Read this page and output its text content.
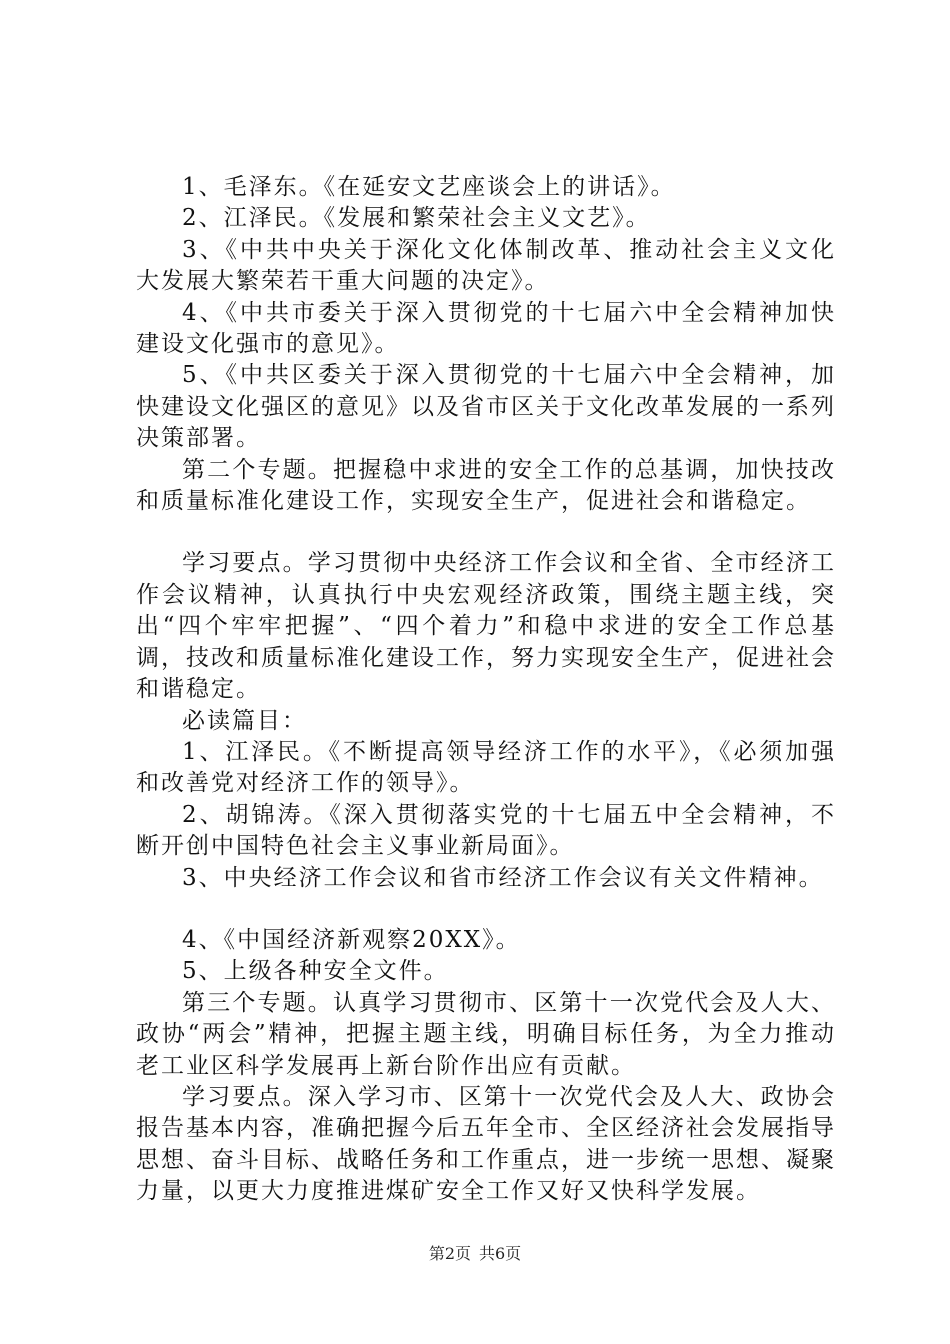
1、毛泽东。《在延安文艺座谈会上的讲话》。

2、江泽民。《发展和繁荣社会主义文艺》。

3、《中共中央关于深化文化体制改革、推动社会主义文化大发展大繁荣若干重大问题的决定》。

4、《中共市委关于深入贯彻党的十七届六中全会精神加快建设文化强市的意见》。

5、《中共区委关于深入贯彻党的十七届六中全会精神，加快建设文化强区的意见》以及省市区关于文化改革发展的一系列决策部署。

第二个专题。把握稳中求进的安全工作的总基调，加快技改和质量标准化建设工作，实现安全生产，促进社会和谐稳定。

学习要点。学习贯彻中央经济工作会议和全省、全市经济工作会议精神，认真执行中央宏观经济政策，围绕主题主线，突出“四个牢牢把握”、“四个着力”和稳中求进的安全工作总基调，技改和质量标准化建设工作，努力实现安全生产，促进社会和谐稳定。

必读篇目：

1、江泽民。《不断提高领导经济工作的水平》，《必须加强和改善党对经济工作的领导》。

2、胡锦涛。《深入贯彻落实党的十七届五中全会精神，不断开创中国特色社会主义事业新局面》。

3、中央经济工作会议和省市经济工作会议有关文件精神。

4、《中国经济新观察20XX》。

5、上级各种安全文件。

第三个专题。认真学习贯彻市、区第十一次党代会及人大、政协“两会”精神，把握主题主线，明确目标任务，为全力推动老工业区科学发展再上新台阶作出应有贡献。

学习要点。深入学习市、区第十一次党代会及人大、政协会报告基本内容，准确把握今后五年全市、全区经济社会发展指导思想、奋斗目标、战略任务和工作重点，进一步统一思想、凝聚力量，以更大力度推进煤矿安全工作又好又快科学发展。

第2页 共6页
